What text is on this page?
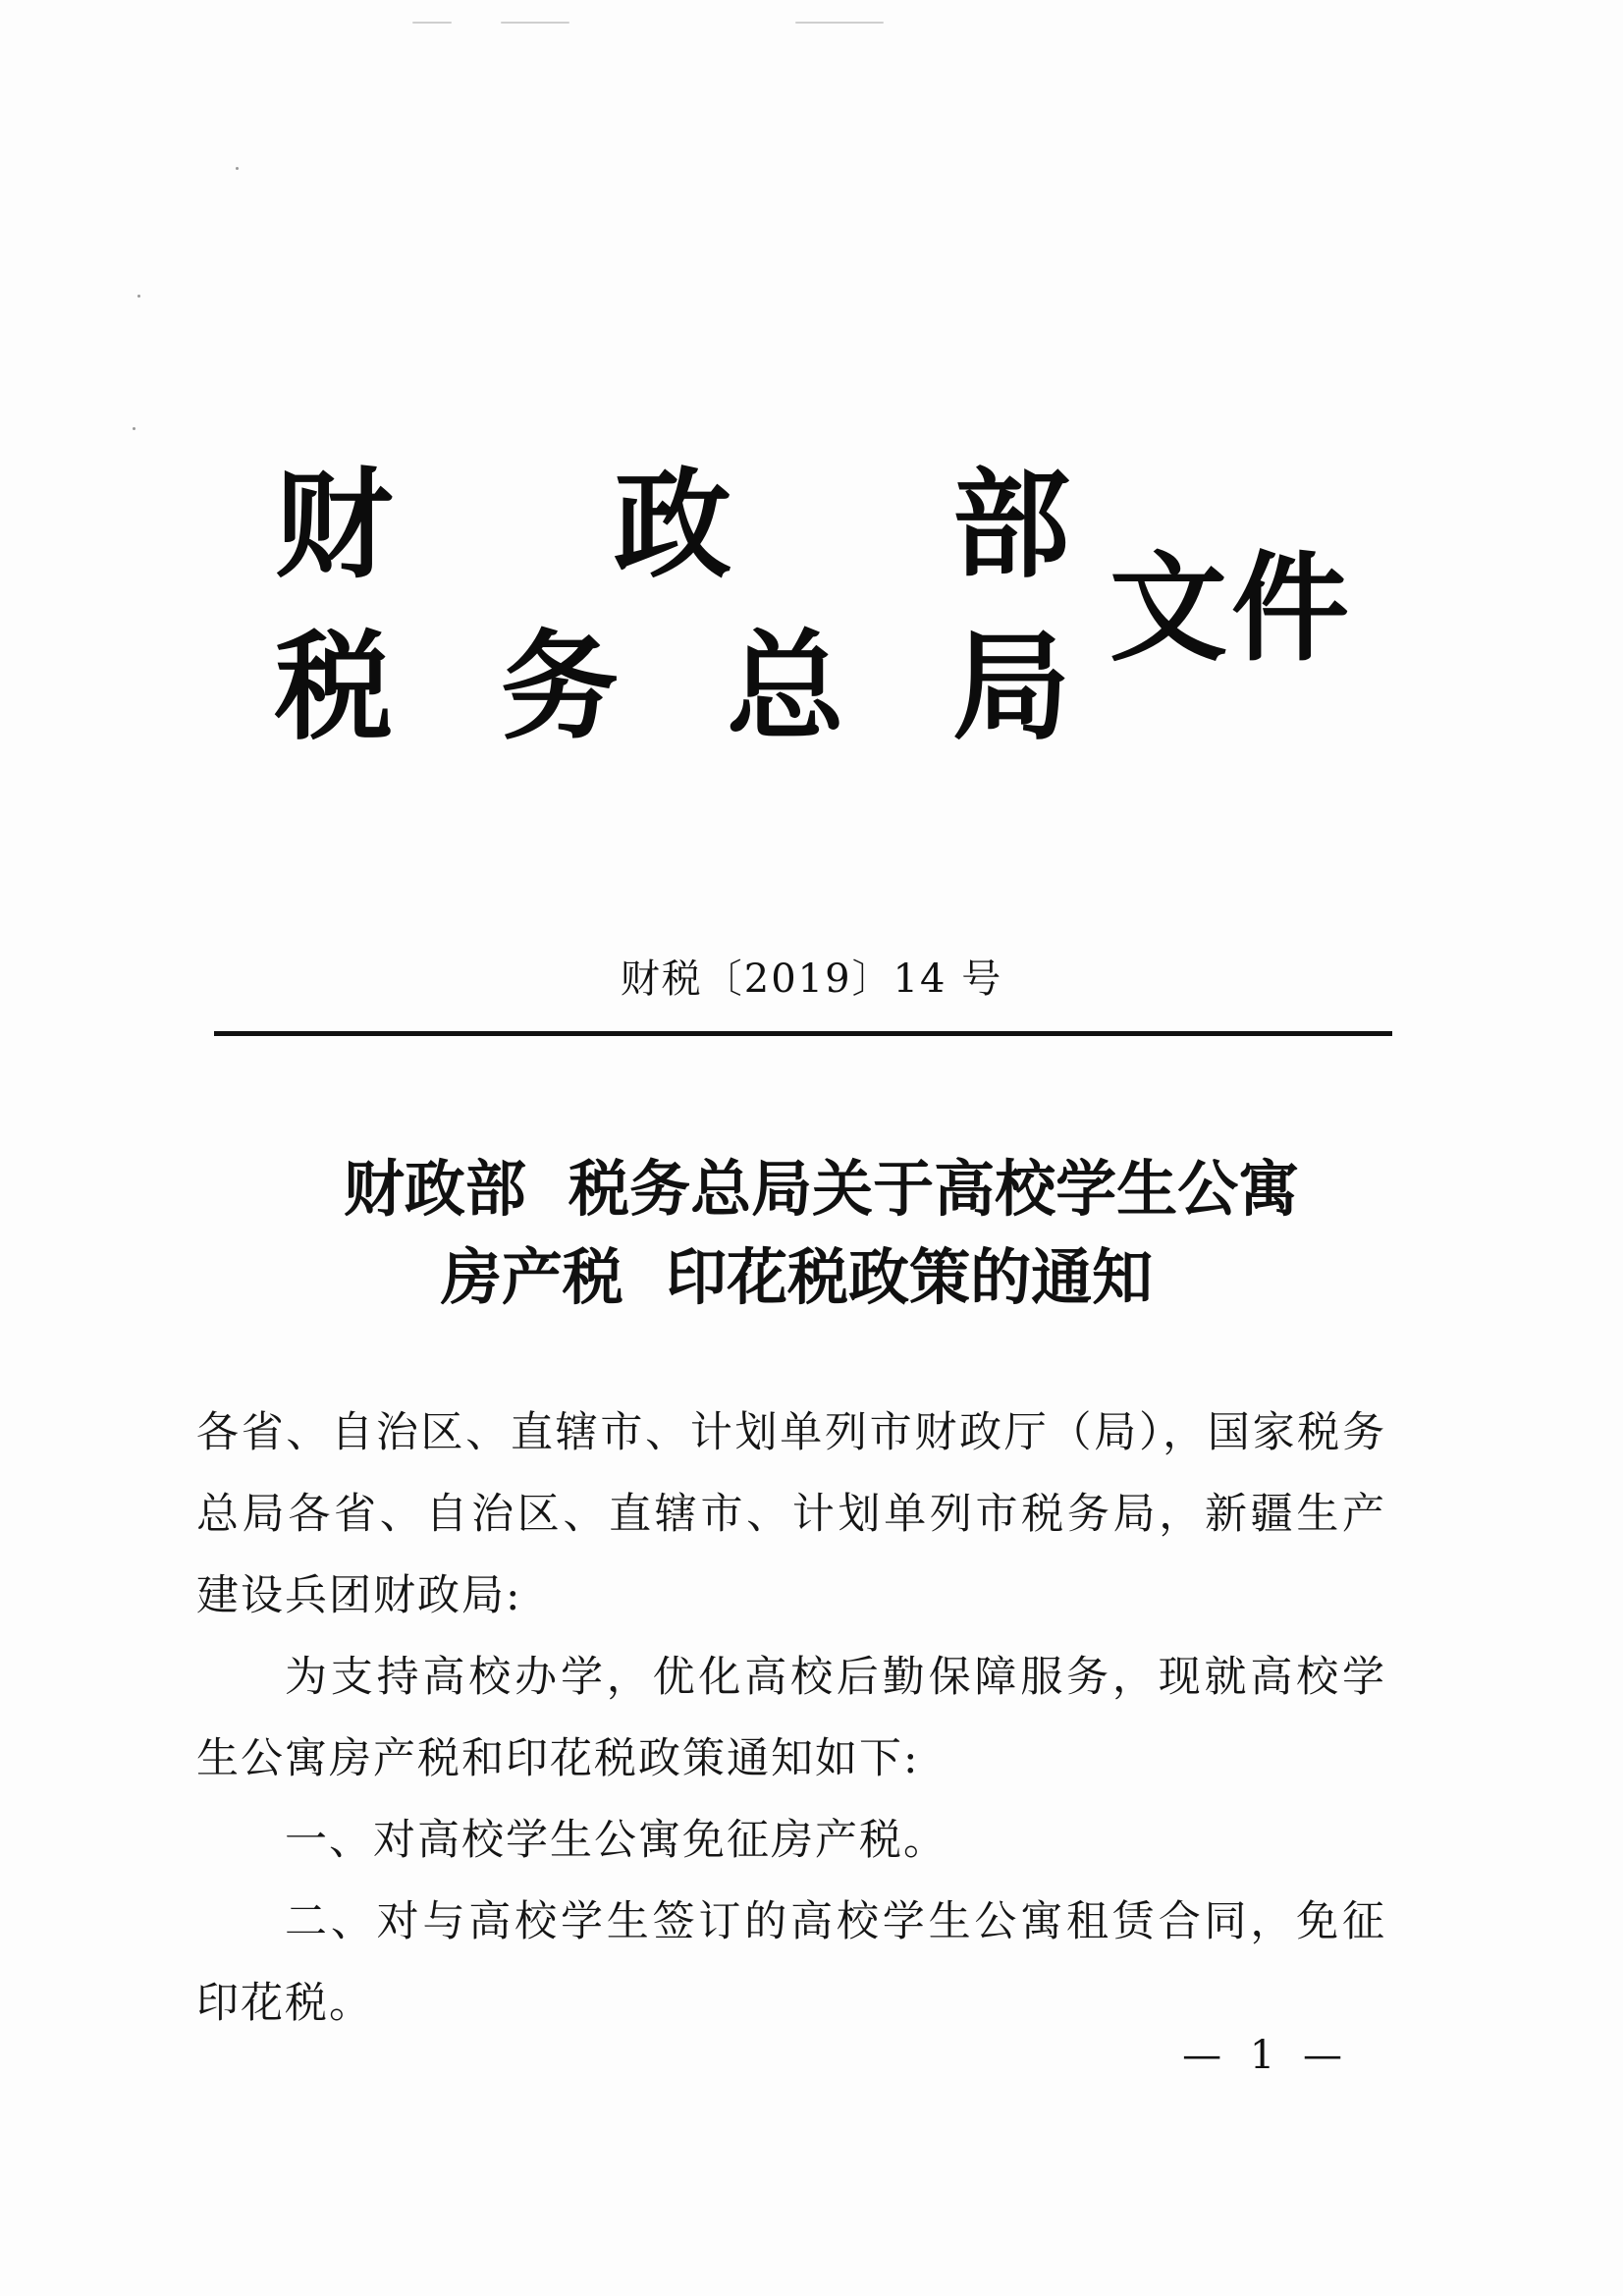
财 政 部
税 务 总 局
文件
财税〔2019〕14 号
财政部  税务总局关于高校学生公寓
房产税  印花税政策的通知

各省、自治区、直辖市、计划单列市财政厅（局），国家税务总局各省、自治区、直辖市、计划单列市税务局，新疆生产建设兵团财政局:

为支持高校办学，优化高校后勤保障服务，现就高校学生公寓房产税和印花税政策通知如下:

一、对高校学生公寓免征房产税。

二、对与高校学生签订的高校学生公寓租赁合同，免征印花税。

— 1 —
